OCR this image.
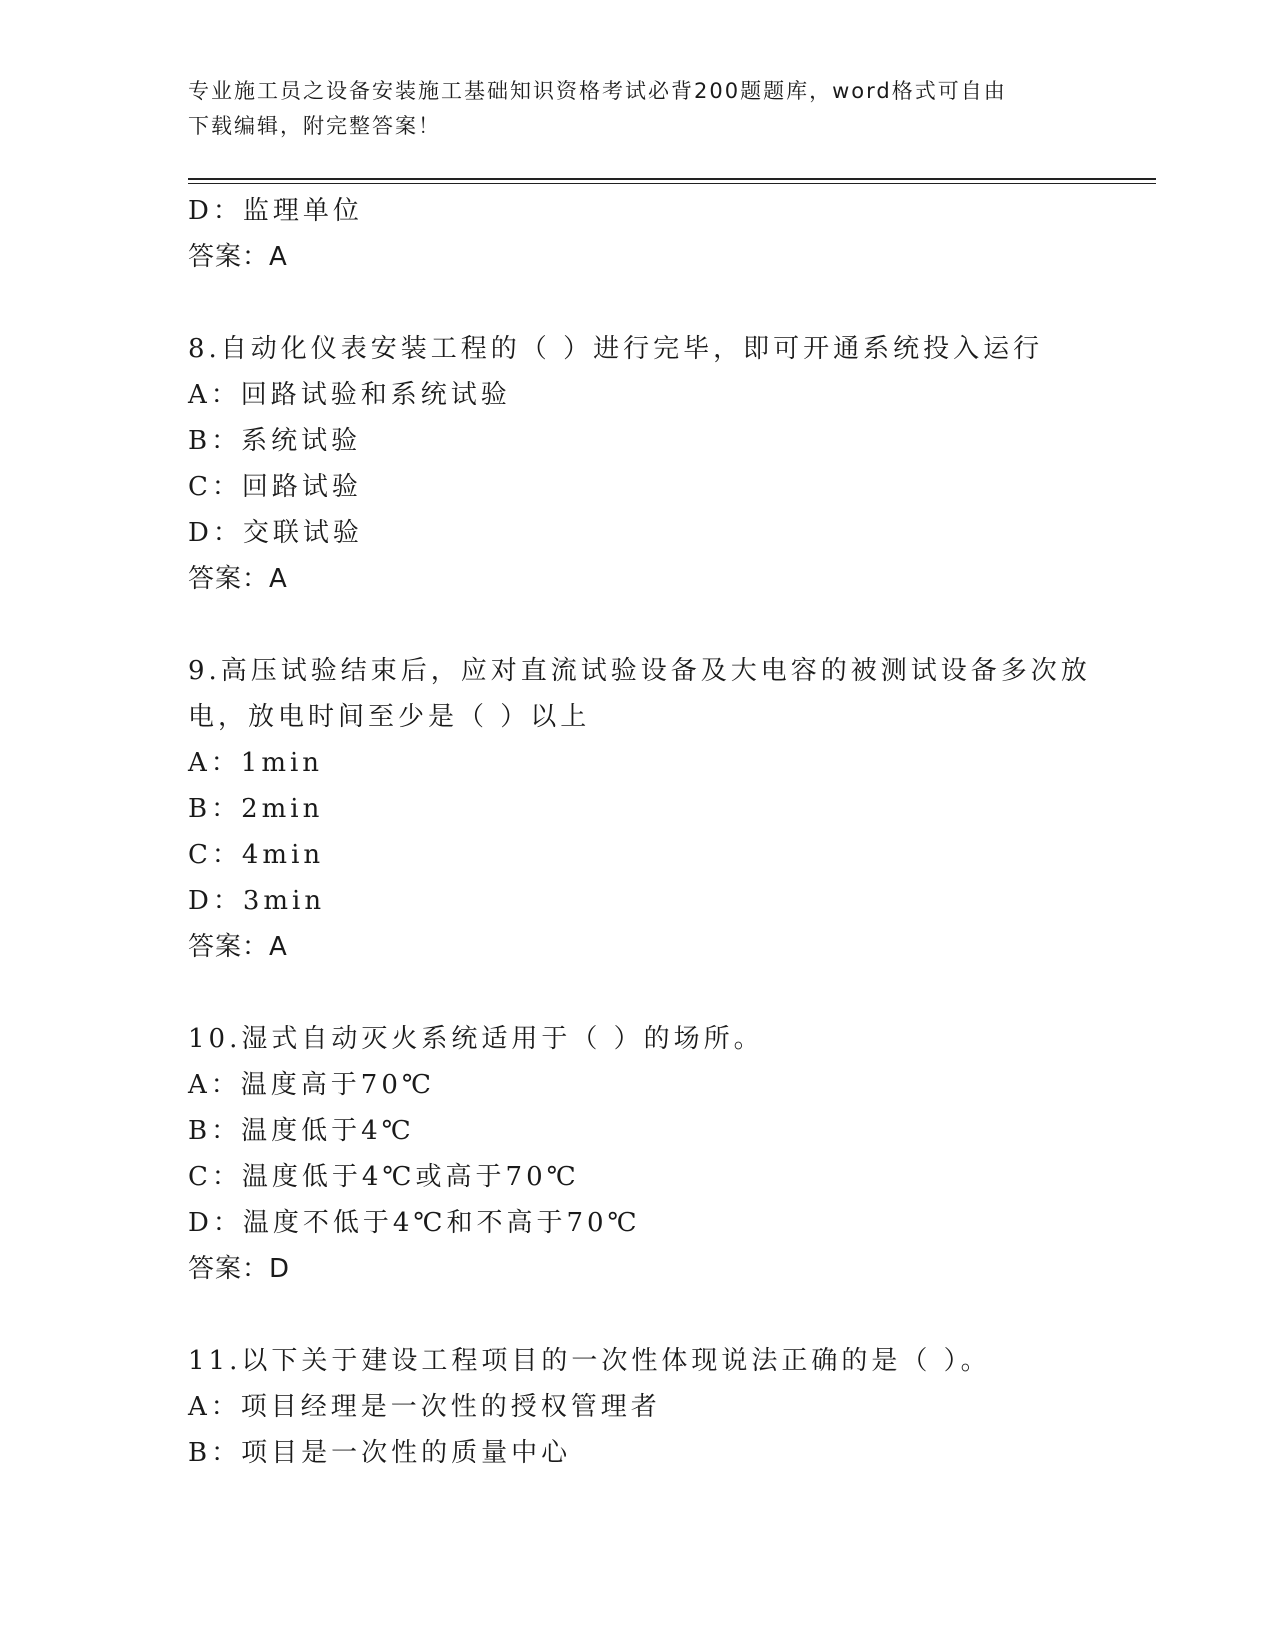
专业施工员之设备安装施工基础知识资格考试必背200题题库，word格式可自由
下载编辑，附完整答案！
D：监理单位
答案：A
8.自动化仪表安装工程的（ ）进行完毕，即可开通系统投入运行
A：回路试验和系统试验
B：系统试验
C：回路试验
D：交联试验
答案：A
9.高压试验结束后，应对直流试验设备及大电容的被测试设备多次放
电，放电时间至少是（ ）以上
A：1min
B：2min
C：4min
D：3min
答案：A
10.湿式自动灭火系统适用于（ ）的场所。
A：温度高于70℃
B：温度低于4℃
C：温度低于4℃或高于70℃
D：温度不低于4℃和不高于70℃
答案：D
11.以下关于建设工程项目的一次性体现说法正确的是（ ）。
A：项目经理是一次性的授权管理者
B：项目是一次性的质量中心
